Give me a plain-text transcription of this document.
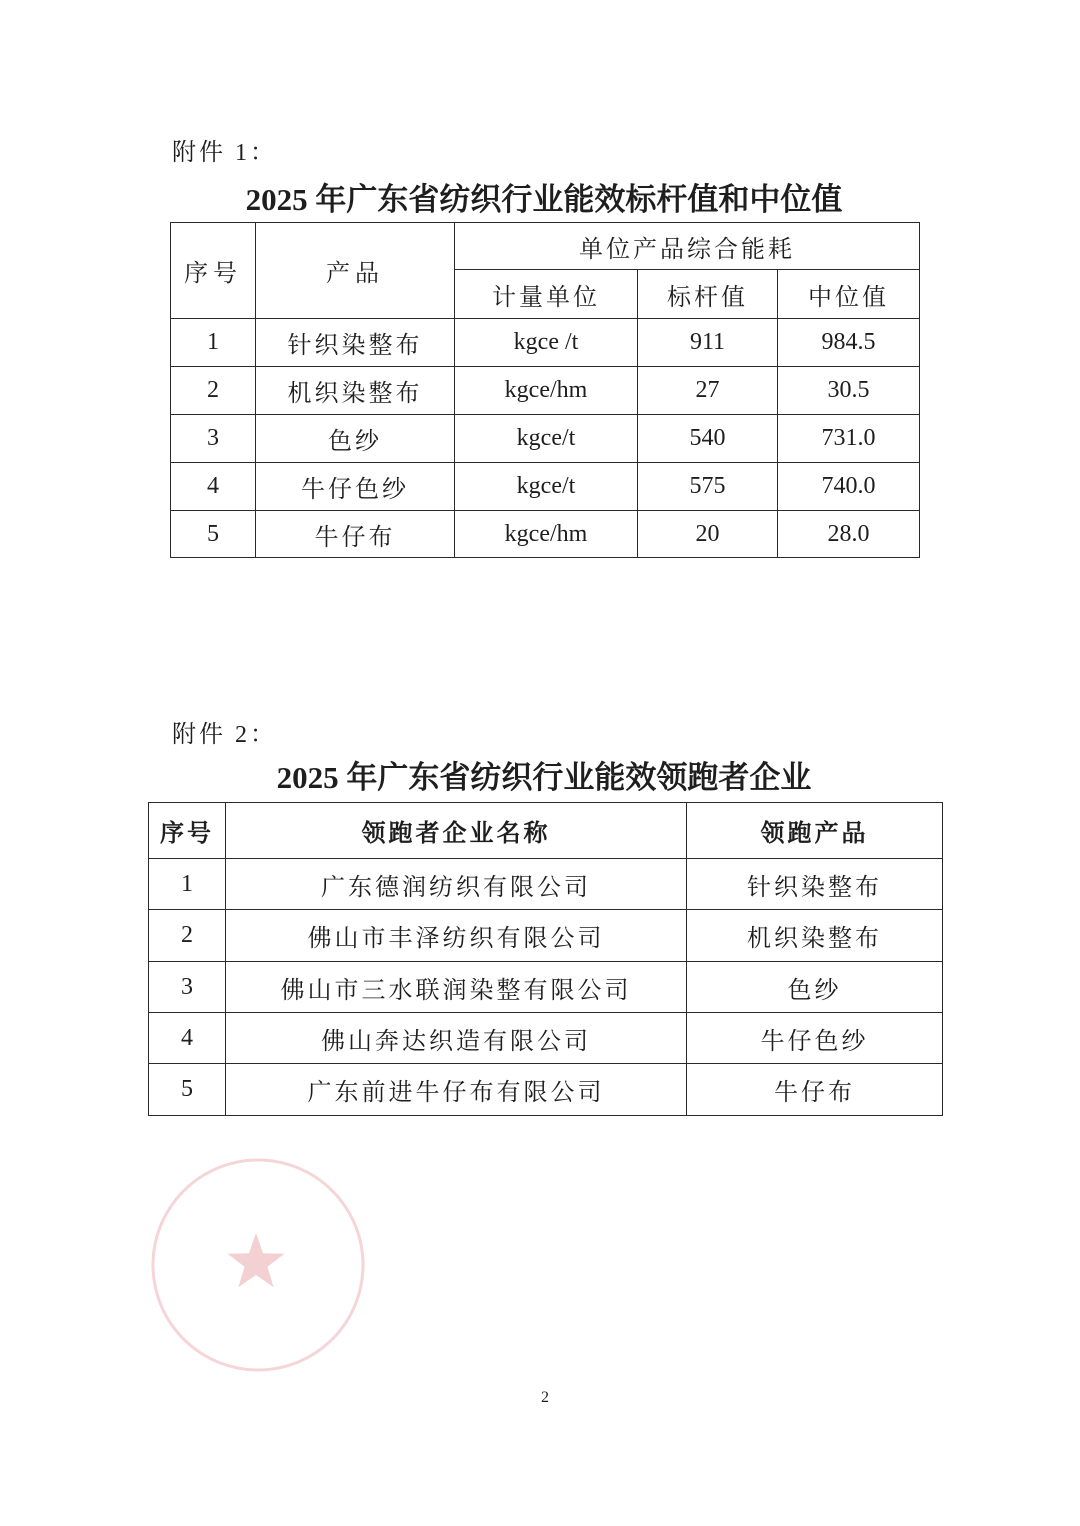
附件 1：
2025 年广东省纺织行业能效标杆值和中位值
序号	产品	单位产品综合能耗		
		计量单位	标杆值	中位值
1	针织染整布	kgce /t	911	984.5
2	机织染整布	kgce/hm	27	30.5
3	色纱	kgce/t	540	731.0
4	牛仔色纱	kgce/t	575	740.0
5	牛仔布	kgce/hm	20	28.0
附件 2：
2025 年广东省纺织行业能效领跑者企业
序号	领跑者企业名称	领跑产品
1	广东德润纺织有限公司	针织染整布
2	佛山市丰泽纺织有限公司	机织染整布
3	佛山市三水联润染整有限公司	色纱
4	佛山奔达织造有限公司	牛仔色纱
5	广东前进牛仔布有限公司	牛仔布
2
